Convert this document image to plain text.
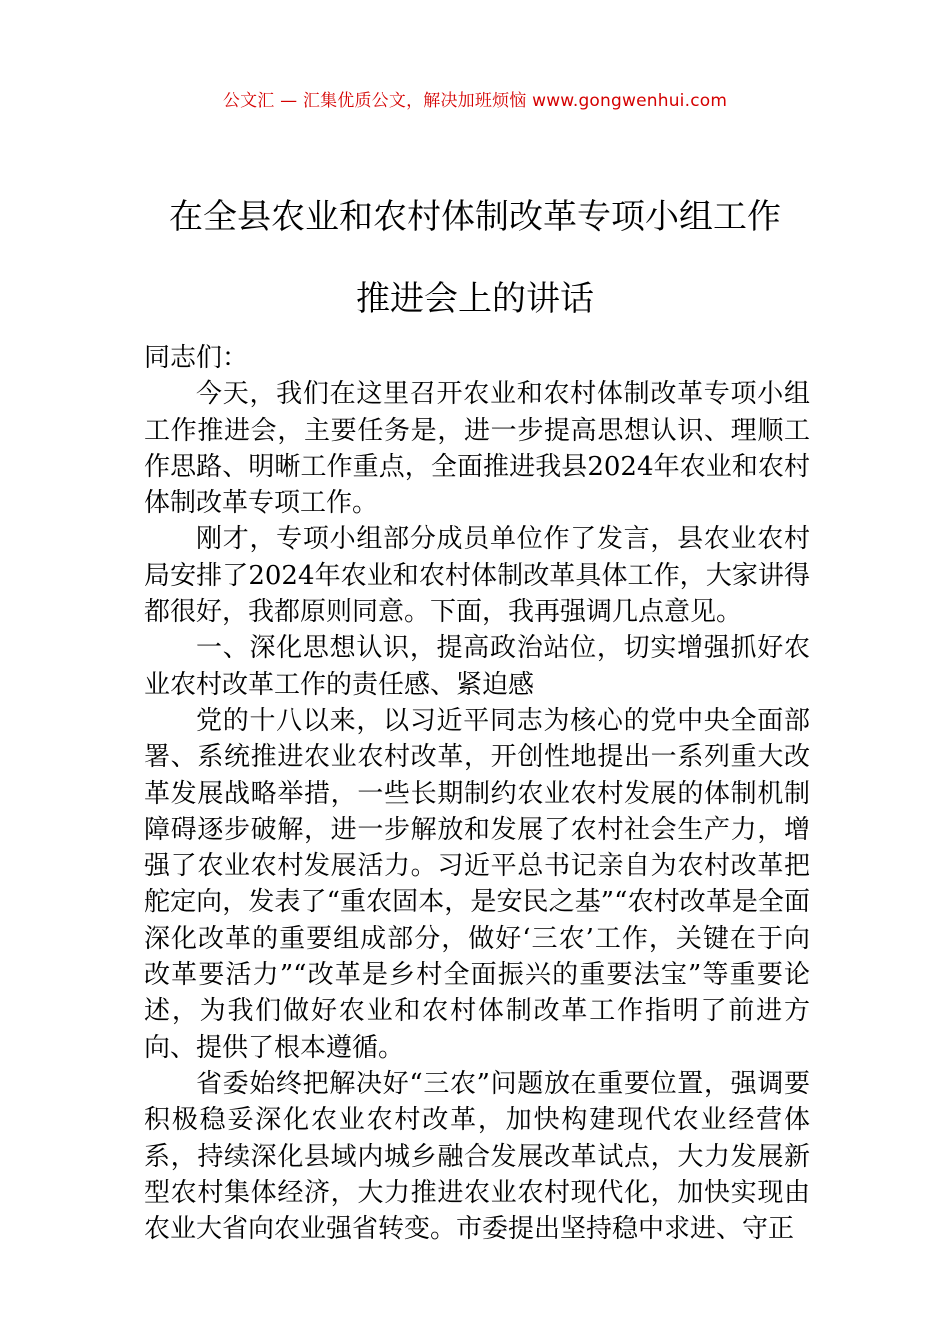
公文汇 — 汇集优质公文，解决加班烦恼 www.gongwenhui.com
在全县农业和农村体制改革专项小组工作
推进会上的讲话

同志们：

今天，我们在这里召开农业和农村体制改革专项小组工作推进会，主要任务是，进一步提高思想认识、理顺工作思路、明晰工作重点，全面推进我县2024年农业和农村体制改革专项工作。

刚才，专项小组部分成员单位作了发言，县农业农村局安排了2024年农业和农村体制改革具体工作，大家讲得都很好，我都原则同意。下面，我再强调几点意见。

一、深化思想认识，提高政治站位，切实增强抓好农业农村改革工作的责任感、紧迫感

党的十八以来，以习近平同志为核心的党中央全面部署、系统推进农业农村改革，开创性地提出一系列重大改革发展战略举措，一些长期制约农业农村发展的体制机制障碍逐步破解，进一步解放和发展了农村社会生产力，增强了农业农村发展活力。习近平总书记亲自为农村改革把舵定向，发表了“重农固本，是安民之基”“农村改革是全面深化改革的重要组成部分，做好‘三农’工作，关键在于向改革要活力”“改革是乡村全面振兴的重要法宝”等重要论述，为我们做好农业和农村体制改革工作指明了前进方向、提供了根本遵循。

省委始终把解决好“三农”问题放在重要位置，强调要积极稳妥深化农业农村改革，加快构建现代农业经营体系，持续深化县域内城乡融合发展改革试点，大力发展新型农村集体经济，大力推进农业农村现代化，加快实现由农业大省向农业强省转变。市委提出坚持稳中求进、守正
